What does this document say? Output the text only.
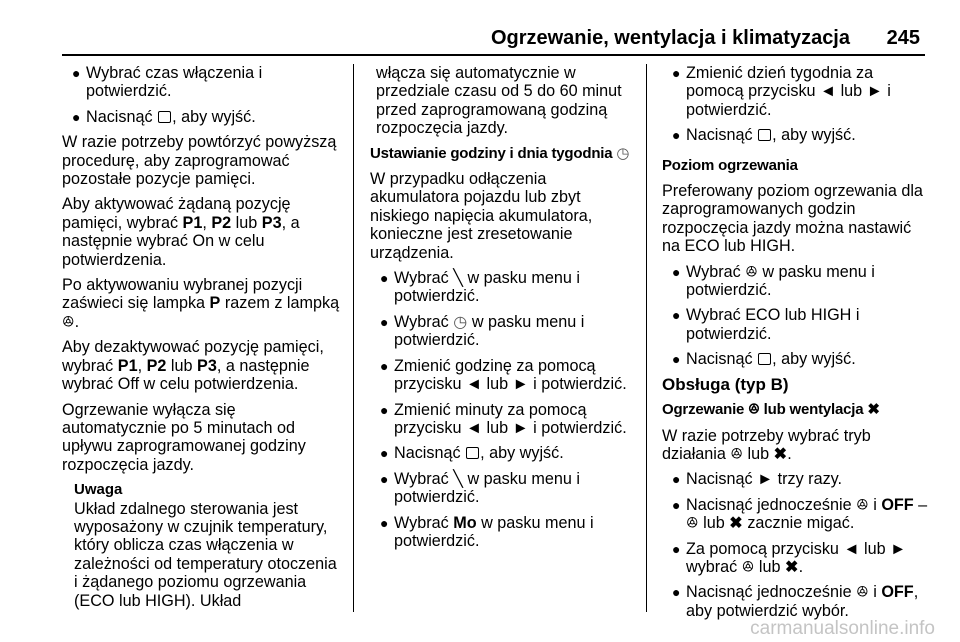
Ogrzewanie, wentylacja i klimatyzacja 245
● Wybrać czas włączenia i potwierdzić.
● Nacisnąć , aby wyjść.

W razie potrzeby powtórzyć powyższą procedurę, aby zaprogramować pozostałe pozycje pamięci.

Aby aktywować żądaną pozycję pamięci, wybrać P1, P2 lub P3, a następnie wybrać On w celu potwierdzenia.

Po aktywowaniu wybranej pozycji zaświeci się lampka P razem z lampką ꔮ.

Aby dezaktywować pozycję pamięci, wybrać P1, P2 lub P3, a następnie wybrać Off w celu potwierdzenia.

Ogrzewanie wyłącza się automatycznie po 5 minutach od upływu zaprogramowanej godziny rozpoczęcia jazdy.

Uwaga
Układ zdalnego sterowania jest wyposażony w czujnik temperatury, który oblicza czas włączenia w zależności od temperatury otoczenia i żądanego poziomu ogrzewania (ECO lub HIGH). Układ

włącza się automatycznie w przedziale czasu od 5 do 60 minut przed zaprogramowaną godziną rozpoczęcia jazdy.

Ustawianie godziny i dnia tygodnia ◷

W przypadku odłączenia akumulatora pojazdu lub zbyt niskiego napięcia akumulatora, konieczne jest zresetowanie urządzenia.

● Wybrać ╲ w pasku menu i potwierdzić.
● Wybrać ◷ w pasku menu i potwierdzić.
● Zmienić godzinę za pomocą przycisku ◄ lub ► i potwierdzić.
● Zmienić minuty za pomocą przycisku ◄ lub ► i potwierdzić.
● Nacisnąć , aby wyjść.
● Wybrać ╲ w pasku menu i potwierdzić.
● Wybrać Mo w pasku menu i potwierdzić.
● Zmienić dzień tygodnia za pomocą przycisku ◄ lub ► i potwierdzić.
● Nacisnąć , aby wyjść.

Poziom ogrzewania

Preferowany poziom ogrzewania dla zaprogramowanych godzin rozpoczęcia jazdy można nastawić na ECO lub HIGH.

● Wybrać ꔮ w pasku menu i potwierdzić.
● Wybrać ECO lub HIGH i potwierdzić.
● Nacisnąć , aby wyjść.

Obsługa (typ B)

Ogrzewanie ꔮ lub wentylacja ✖

W razie potrzeby wybrać tryb działania ꔮ lub ✖.

● Nacisnąć ► trzy razy.
● Nacisnąć jednocześnie ꔮ i OFF –
ꔮ lub ✖ zacznie migać.
● Za pomocą przycisku ◄ lub ►
wybrać ꔮ lub ✖.
● Nacisnąć jednocześnie ꔮ i OFF, aby potwierdzić wybór.
carmanualsonline.info
